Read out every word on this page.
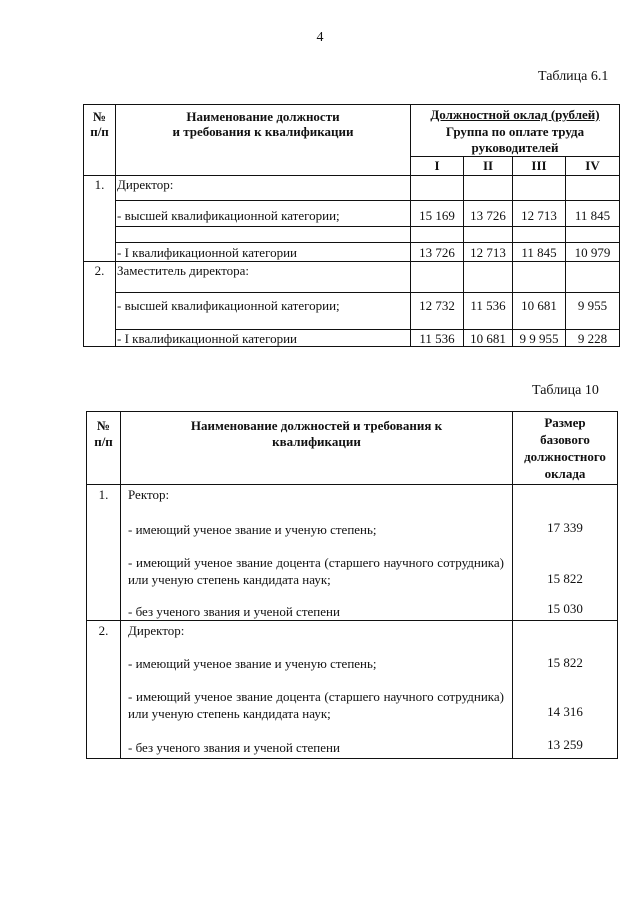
4
Таблица 6.1
№
п/п
Наименование должности
и требования к квалификации
Должностной оклад (рублей)
Группа по оплате труда
руководителей
I	II	III	IV
1. Директор:
- высшей квалификационной категории;	15 169	13 726	12 713	11 845
- I квалификационной категории	13 726	12 713	11 845	10 979
2. Заместитель директора:
- высшей квалификационной категории;	12 732	11 536	10 681	9 955
- I квалификационной категории	11 536	10 681	9 9 955	9 228
Таблица 10
№
п/п
Наименование должностей и требования к
квалификации
Размер
базового
должностного
оклада
1.	Ректор:
- имеющий ученое звание и ученую степень;	17 339
- имеющий ученое звание доцента (старшего научного сотрудника) или ученую степень кандидата наук;	15 822
- без ученого звания и ученой степени	15 030
2.	Директор:
- имеющий ученое звание и ученую степень;	15 822
- имеющий ученое звание доцента (старшего научного сотрудника) или ученую степень кандидата наук;	14 316
- без ученого звания и ученой степени	13 259
